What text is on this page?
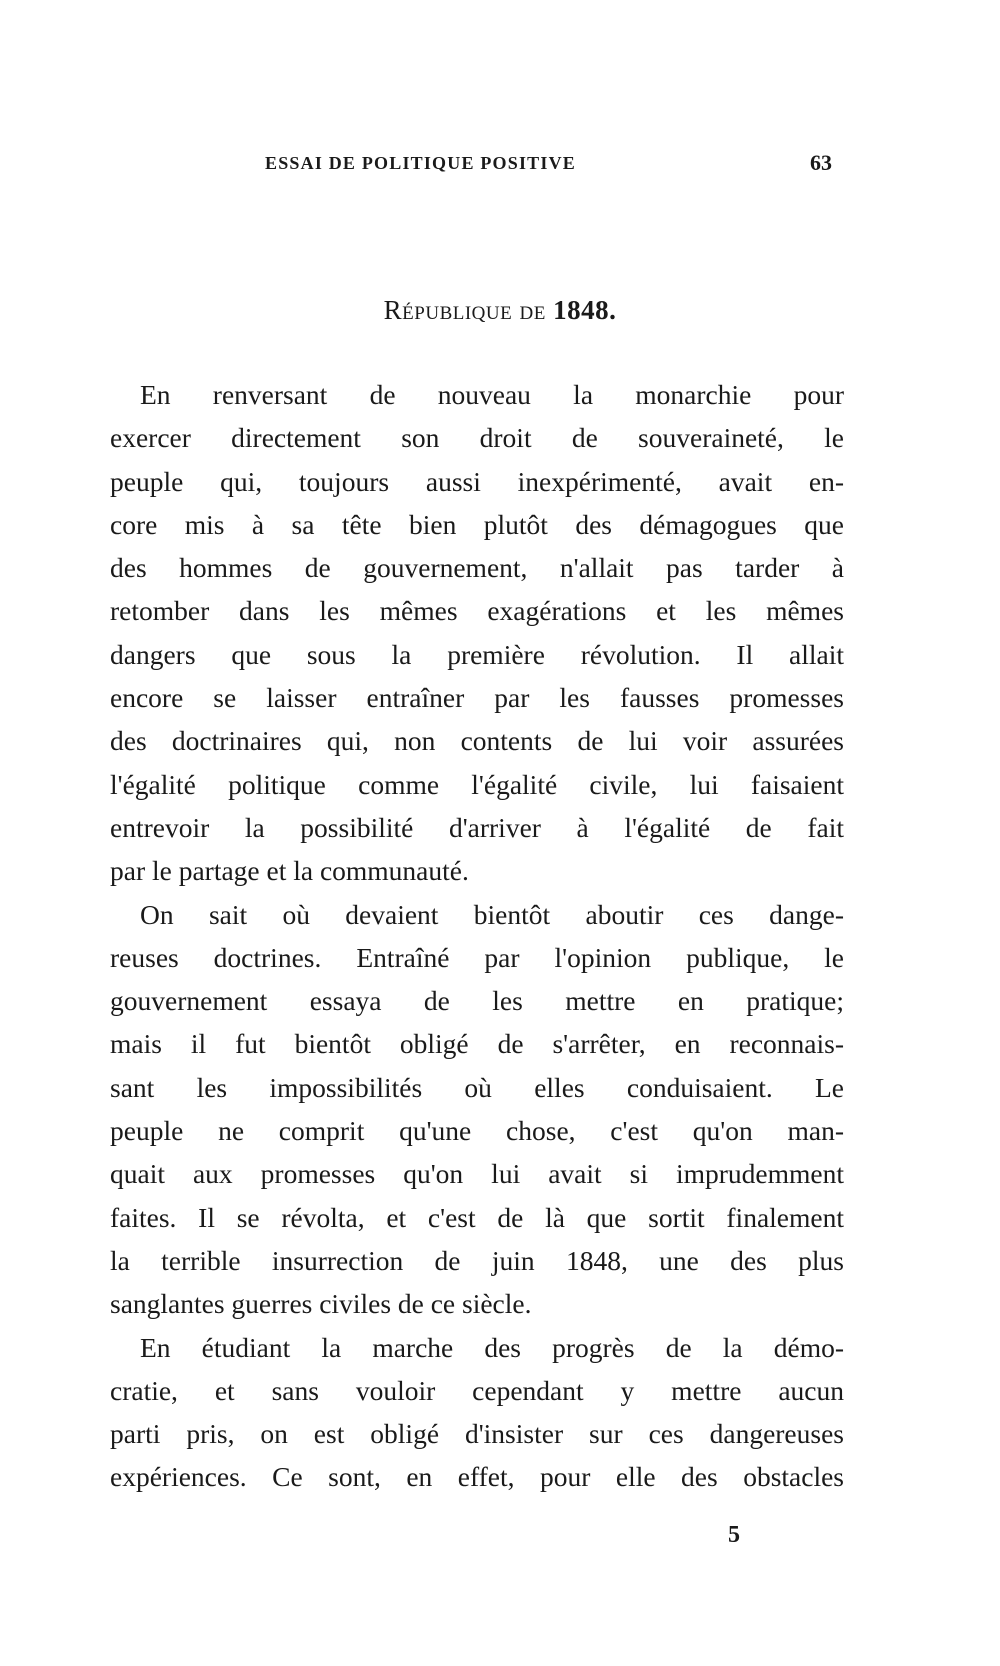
ESSAI DE POLITIQUE POSITIVE	63
République de 1848.
En renversant de nouveau la monarchie pour
exercer directement son droit de souveraineté, le
peuple qui, toujours aussi inexpérimenté, avait en-
core mis à sa tête bien plutôt des démagogues que
des hommes de gouvernement, n'allait pas tarder à
retomber dans les mêmes exagérations et les mêmes
dangers que sous la première révolution. Il allait
encore se laisser entraîner par les fausses promesses
des doctrinaires qui, non contents de lui voir assurées
l'égalité politique comme l'égalité civile, lui faisaient
entrevoir la possibilité d'arriver à l'égalité de fait
par le partage et la communauté.
On sait où devaient bientôt aboutir ces dange-
reuses doctrines. Entraîné par l'opinion publique, le
gouvernement essaya de les mettre en pratique;
mais il fut bientôt obligé de s'arrêter, en reconnais-
sant les impossibilités où elles conduisaient. Le
peuple ne comprit qu'une chose, c'est qu'on man-
quait aux promesses qu'on lui avait si imprudemment
faites. Il se révolta, et c'est de là que sortit finalement
la terrible insurrection de juin 1848, une des plus
sanglantes guerres civiles de ce siècle.
En étudiant la marche des progrès de la démo-
cratie, et sans vouloir cependant y mettre aucun
parti pris, on est obligé d'insister sur ces dangereuses
expériences. Ce sont, en effet, pour elle des obstacles
5
